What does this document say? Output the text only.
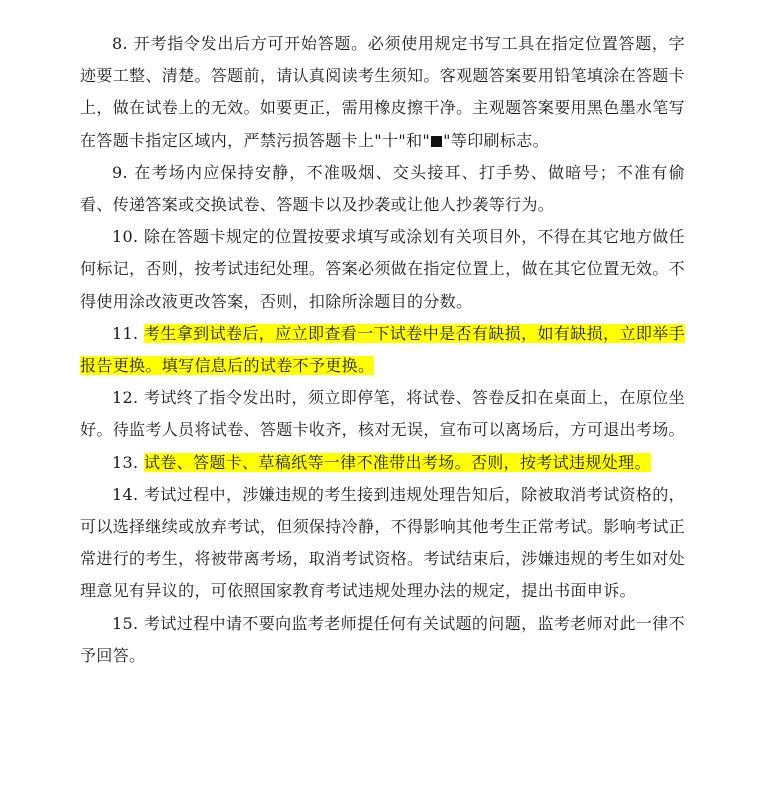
8. 开考指令发出后方可开始答题。必须使用规定书写工具在指定位置答题，字迹要工整、清楚。答题前，请认真阅读考生须知。客观题答案要用铅笔填涂在答题卡上，做在试卷上的无效。如要更正，需用橡皮擦干净。主观题答案要用黑色墨水笔写在答题卡指定区域内，严禁污损答题卡上"十"和" "等印刷标志。

9. 在考场内应保持安静，不准吸烟、交头接耳、打手势、做暗号；不准有偷看、传递答案或交换试卷、答题卡以及抄袭或让他人抄袭等行为。

10. 除在答题卡规定的位置按要求填写或涂划有关项目外，不得在其它地方做任何标记，否则，按考试违纪处理。答案必须做在指定位置上，做在其它位置无效。不得使用涂改液更改答案，否则，扣除所涂题目的分数。

11. 考生拿到试卷后，应立即查看一下试卷中是否有缺损，如有缺损，立即举手报告更换。填写信息后的试卷不予更换。

12. 考试终了指令发出时，须立即停笔，将试卷、答卷反扣在桌面上，在原位坐好。待监考人员将试卷、答题卡收齐，核对无误，宣布可以离场后，方可退出考场。

13. 试卷、答题卡、草稿纸等一律不准带出考场。否则，按考试违规处理。

14. 考试过程中，涉嫌违规的考生接到违规处理告知后，除被取消考试资格的，可以选择继续或放弃考试，但须保持冷静，不得影响其他考生正常考试。影响考试正常进行的考生，将被带离考场，取消考试资格。考试结束后，涉嫌违规的考生如对处理意见有异议的，可依照国家教育考试违规处理办法的规定，提出书面申诉。

15. 考试过程中请不要向监考老师提任何有关试题的问题，监考老师对此一律不予回答。
